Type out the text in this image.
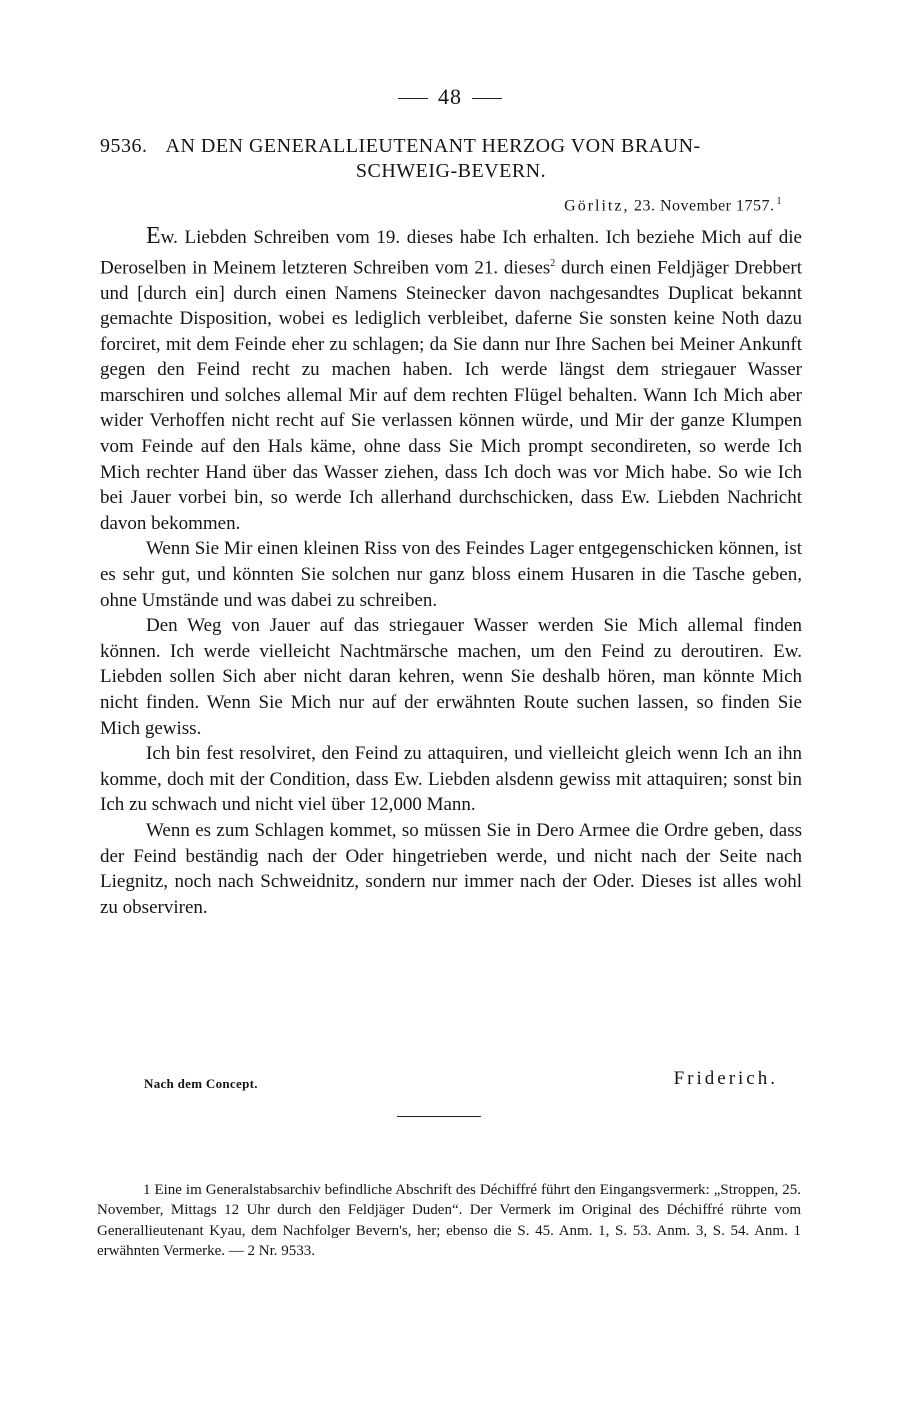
48
9536. AN DEN GENERALLIEUTENANT HERZOG VON BRAUN-
SCHWEIG-BEVERN.
Görlitz, 23. November 1757. $^1$

Ew. Liebden Schreiben vom 19. dieses habe Ich erhalten. Ich beziehe Mich auf die Deroselben in Meinem letzteren Schreiben vom 21. dieses$^2$ durch einen Feldjäger Drebbert und [durch ein] durch einen Namens Steinecker davon nachgesandtes Duplicat bekannt gemachte Disposition, wobei es lediglich verbleibet, daferne Sie sonsten keine Noth dazu forciret, mit dem Feinde eher zu schlagen; da Sie dann nur Ihre Sachen bei Meiner Ankunft gegen den Feind recht zu machen haben. Ich werde längst dem striegauer Wasser marschiren und solches allemal Mir auf dem rechten Flügel behalten. Wann Ich Mich aber wider Verhoffen nicht recht auf Sie verlassen können würde, und Mir der ganze Klumpen vom Feinde auf den Hals käme, ohne dass Sie Mich prompt secondireten, so werde Ich Mich rechter Hand über das Wasser ziehen, dass Ich doch was vor Mich habe. So wie Ich bei Jauer vorbei bin, so werde Ich allerhand durchschicken, dass Ew. Liebden Nachricht davon bekommen.

Wenn Sie Mir einen kleinen Riss von des Feindes Lager entgegenschicken können, ist es sehr gut, und könnten Sie solchen nur ganz bloss einem Husaren in die Tasche geben, ohne Umstände und was dabei zu schreiben.

Den Weg von Jauer auf das striegauer Wasser werden Sie Mich allemal finden können. Ich werde vielleicht Nachtmärsche machen, um den Feind zu deroutiren. Ew. Liebden sollen Sich aber nicht daran kehren, wenn Sie deshalb hören, man könnte Mich nicht finden. Wenn Sie Mich nur auf der erwähnten Route suchen lassen, so finden Sie Mich gewiss.

Ich bin fest resolviret, den Feind zu attaquiren, und vielleicht gleich wenn Ich an ihn komme, doch mit der Condition, dass Ew. Liebden alsdenn gewiss mit attaquiren; sonst bin Ich zu schwach und nicht viel über 12,000 Mann.

Wenn es zum Schlagen kommet, so müssen Sie in Dero Armee die Ordre geben, dass der Feind beständig nach der Oder hingetrieben werde, und nicht nach der Seite nach Liegnitz, noch nach Schweidnitz, sondern nur immer nach der Oder. Dieses ist alles wohl zu observiren.

Nach dem Concept.	Friderich.

1 Eine im Generalstabsarchiv befindliche Abschrift des Déchiffré führt den Eingangsvermerk: „Stroppen, 25. November, Mittags 12 Uhr durch den Feldjäger Duden“. Der Vermerk im Original des Déchiffré rührte vom Generallieutenant Kyau, dem Nachfolger Bevern's, her; ebenso die S. 45. Anm. 1, S. 53. Anm. 3, S. 54. Anm. 1 erwähnten Vermerke. — 2 Nr. 9533.
